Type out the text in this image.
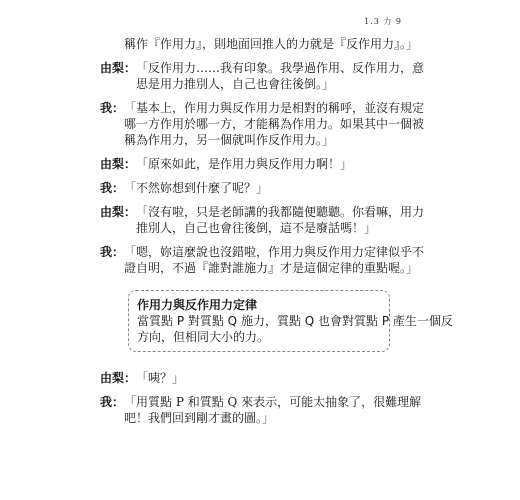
1.3 力 9
稱作『作用力』，則地面回推人的力就是『反作用力』。」
由梨： 「反作用力……我有印象。我學過作用、反作用力，意
思是用力推別人，自己也會往後倒。」
我： 「基本上，作用力與反作用力是相對的稱呼，並沒有規定
哪一方作用於哪一方，才能稱為作用力。如果其中一個被
稱為作用力，另一個就叫作反作用力。」
由梨： 「原來如此，是作用力與反作用力啊！」
我： 「不然妳想到什麼了呢？」
由梨： 「沒有啦，只是老師講的我都隨便聽聽。你看嘛，用力
推別人，自己也會往後倒，這不是廢話嗎！」
我： 「嗯，妳這麼說也沒錯啦，作用力與反作用力定律似乎不
證自明，不過『誰對誰施力』才是這個定律的重點喔。」
作用力與反作用力定律
當質點 P 對質點 Q 施力，質點 Q 也會對質點 P 產生一個反
方向，但相同大小的力。
由梨： 「咦？」
我： 「用質點 P 和質點 Q 來表示，可能太抽象了，很難理解
吧！我們回到剛才畫的圖。」
